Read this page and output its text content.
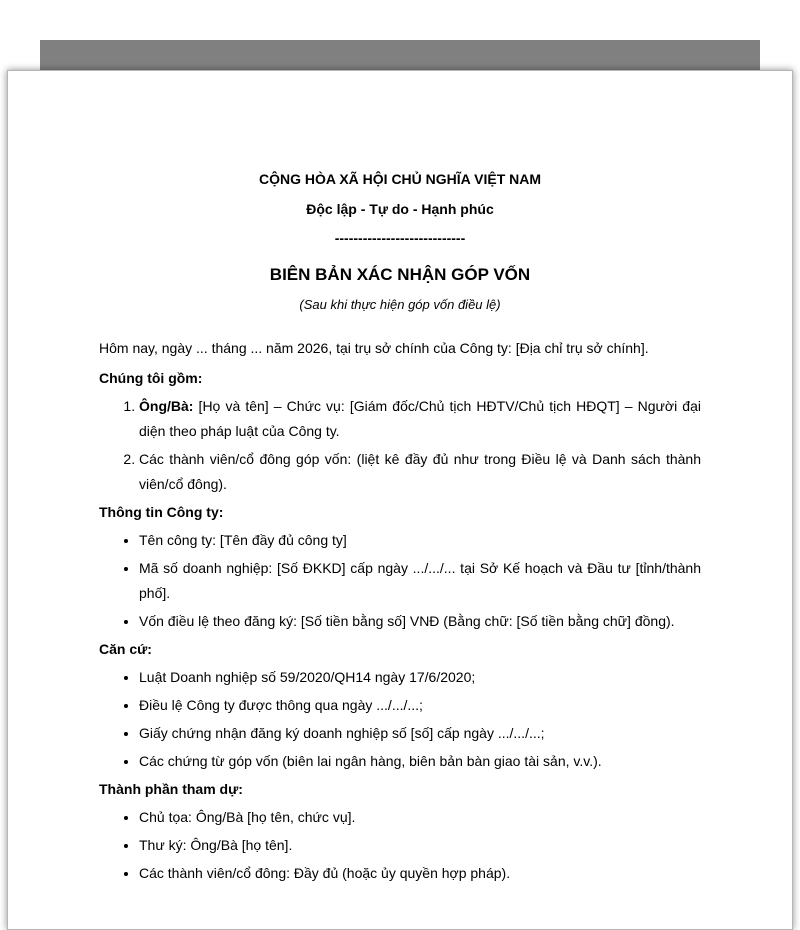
CỘNG HÒA XÃ HỘI CHỦ NGHĨA VIỆT NAM

Độc lập - Tự do - Hạnh phúc

----------------------------

BIÊN BẢN XÁC NHẬN GÓP VỐN

(Sau khi thực hiện góp vốn điều lệ)

Hôm nay, ngày ... tháng ... năm 2026, tại trụ sở chính của Công ty: [Địa chỉ trụ sở chính].

Chúng tôi gồm:

1. Ông/Bà: [Họ và tên] – Chức vụ: [Giám đốc/Chủ tịch HĐTV/Chủ tịch HĐQT] – Người đại diện theo pháp luật của Công ty.
2. Các thành viên/cổ đông góp vốn: (liệt kê đầy đủ như trong Điều lệ và Danh sách thành viên/cổ đông).

Thông tin Công ty:

• Tên công ty: [Tên đầy đủ công ty]
• Mã số doanh nghiệp: [Số ĐKKD] cấp ngày .../.../... tại Sở Kế hoạch và Đầu tư [tỉnh/thành phố].
• Vốn điều lệ theo đăng ký: [Số tiền bằng số] VNĐ (Bằng chữ: [Số tiền bằng chữ] đồng).

Căn cứ:

• Luật Doanh nghiệp số 59/2020/QH14 ngày 17/6/2020;
• Điều lệ Công ty được thông qua ngày .../.../...;
• Giấy chứng nhận đăng ký doanh nghiệp số [số] cấp ngày .../.../...;
• Các chứng từ góp vốn (biên lai ngân hàng, biên bản bàn giao tài sản, v.v.).

Thành phần tham dự:

• Chủ tọa: Ông/Bà [họ tên, chức vụ].
• Thư ký: Ông/Bà [họ tên].
• Các thành viên/cổ đông: Đầy đủ (hoặc ủy quyền hợp pháp).
